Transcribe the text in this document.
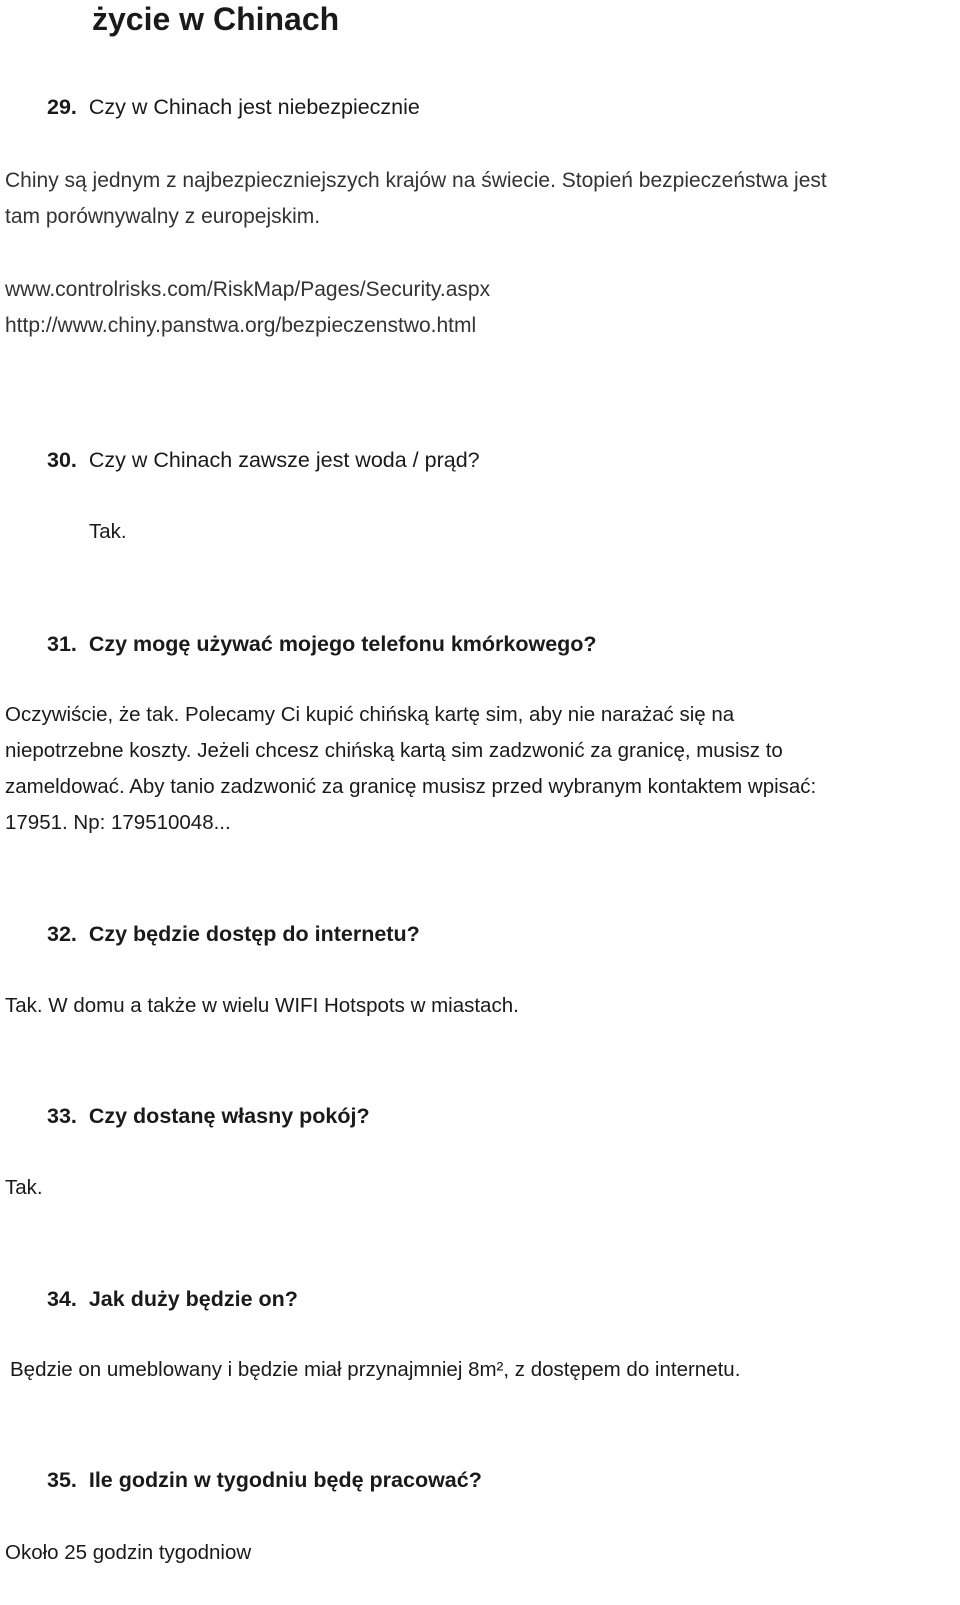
życie w Chinach
29. Czy w Chinach jest niebezpiecznie
Chiny są jednym z najbezpieczniejszych krajów na świecie. Stopień bezpieczeństwa jest
tam porównywalny z europejskim.
www.controlrisks.com/RiskMap/Pages/Security.aspx
http://www.chiny.panstwa.org/bezpieczenstwo.html
30. Czy w Chinach zawsze jest woda / prąd?
Tak.
31. Czy mogę używać mojego telefonu kmórkowego?
Oczywiście, że tak. Polecamy Ci kupić chińską kartę sim, aby nie narażać się na
niepotrzebne koszty. Jeżeli chcesz chińską kartą sim zadzwonić za granicę, musisz to
zameldować. Aby tanio zadzwonić za granicę musisz przed wybranym kontaktem wpisać:
17951. Np: 179510048...
32. Czy będzie dostęp do internetu?
Tak. W domu a także w wielu WIFI Hotspots w miastach.
33. Czy dostanę własny pokój?
Tak.
34. Jak duży będzie on?
Będzie on umeblowany i będzie miał przynajmniej 8m², z dostępem do internetu.
35. Ile godzin w tygodniu będę pracować?
Około 25 godzin tygodniow
